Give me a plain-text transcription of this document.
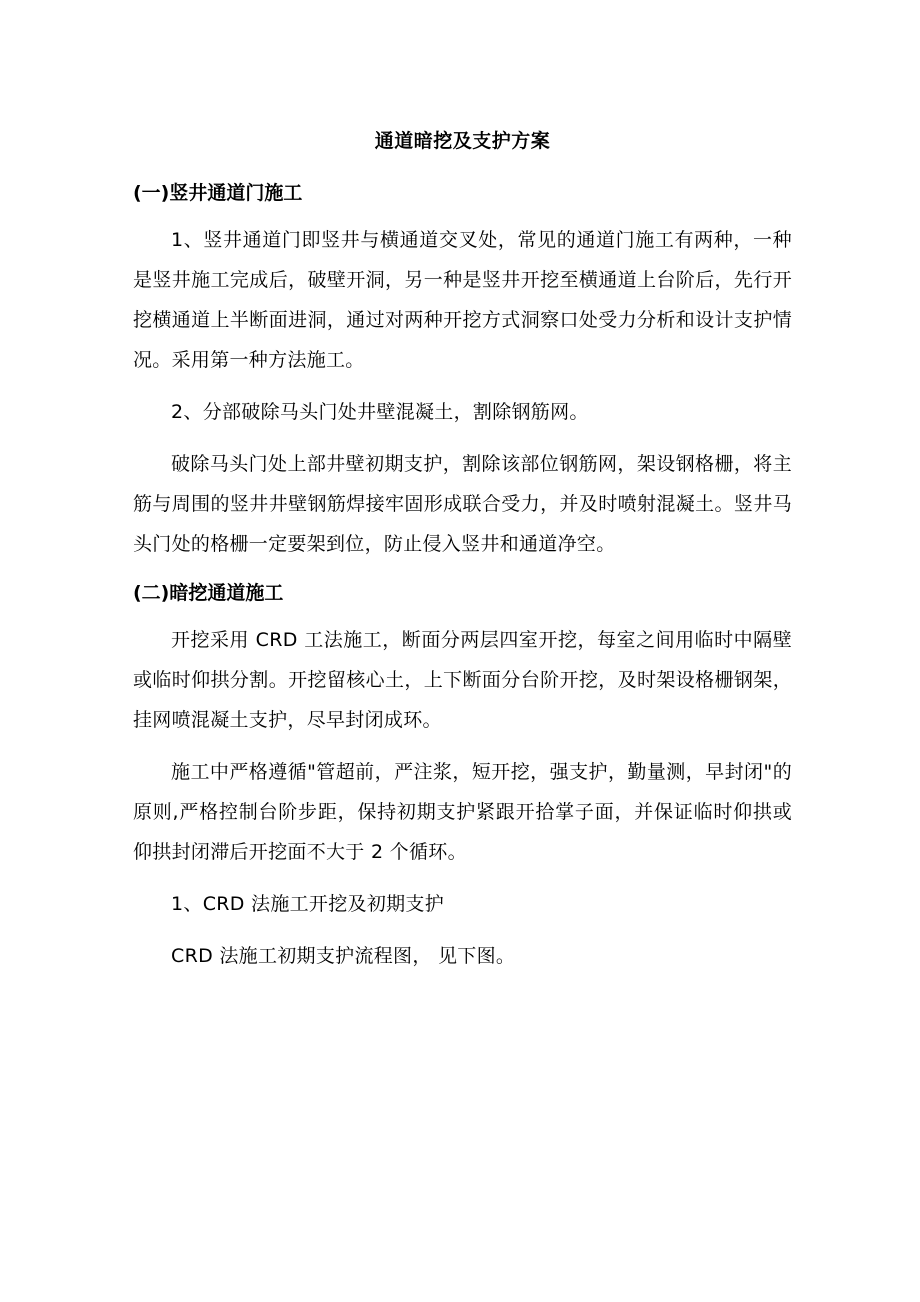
通道暗挖及支护方案
(一)竖井通道门施工

1、竖井通道门即竖井与横通道交叉处，常见的通道门施工有两种，一种是竖井施工完成后，破壁开洞，另一种是竖井开挖至横通道上台阶后，先行开挖横通道上半断面进洞，通过对两种开挖方式洞察口处受力分析和设计支护情况。采用第一种方法施工。

2、分部破除马头门处井壁混凝土，割除钢筋网。

破除马头门处上部井壁初期支护，割除该部位钢筋网，架设钢格栅，将主筋与周围的竖井井壁钢筋焊接牢固形成联合受力，并及时喷射混凝土。竖井马头门处的格栅一定要架到位，防止侵入竖井和通道净空。

(二)暗挖通道施工

开挖采用 CRD 工法施工，断面分两层四室开挖，每室之间用临时中隔壁或临时仰拱分割。开挖留核心土，上下断面分台阶开挖，及时架设格栅钢架，挂网喷混凝土支护，尽早封闭成环。

施工中严格遵循"管超前，严注浆，短开挖，强支护，勤量测，早封闭"的原则,严格控制台阶步距，保持初期支护紧跟开拾掌子面，并保证临时仰拱或仰拱封闭滞后开挖面不大于 2 个循环。

1、CRD 法施工开挖及初期支护

CRD 法施工初期支护流程图， 见下图。
